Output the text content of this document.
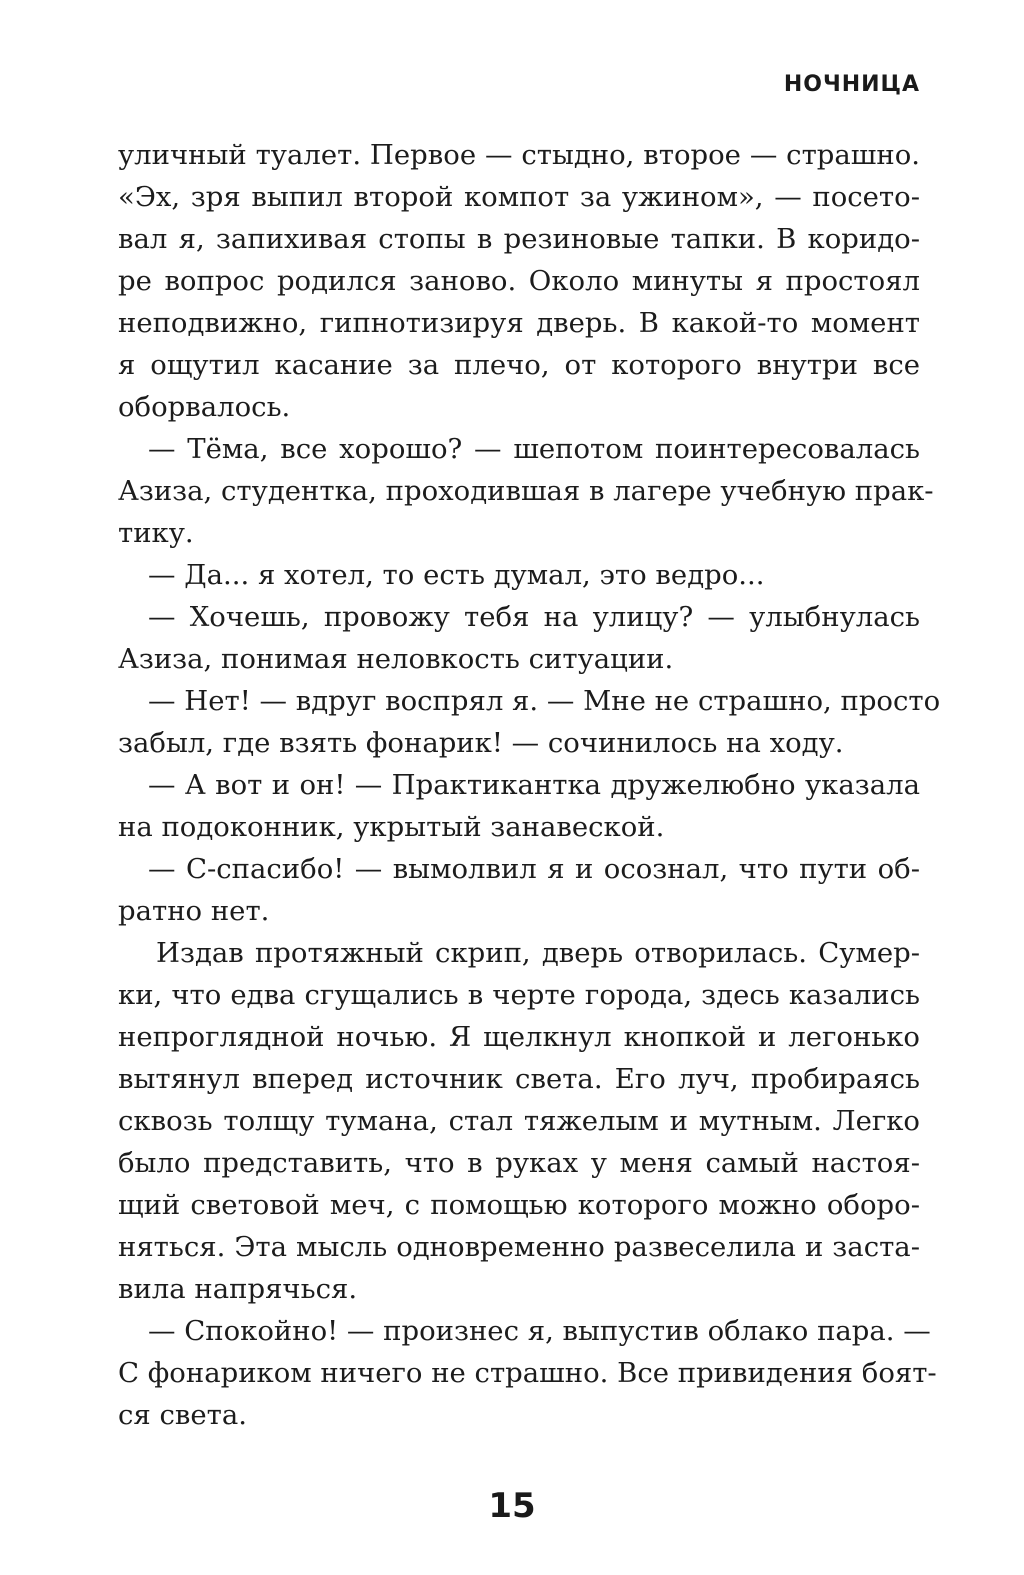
НОЧНИЦА
уличный туалет. Первое — стыдно, второе — страшно.
«Эх, зря выпил второй компот за ужином», — посето-
вал я, запихивая стопы в резиновые тапки. В коридо-
ре вопрос родился заново. Около минуты я простоял
неподвижно, гипнотизируя дверь. В какой-то момент
я ощутил касание за плечо, от которого внутри все
оборвалось.
— Тёма, все хорошо? — шепотом поинтересовалась
Азиза, студентка, проходившая в лагере учебную прак-
тику.
— Да... я хотел, то есть думал, это ведро...
— Хочешь, провожу тебя на улицу? — улыбнулась
Азиза, понимая неловкость ситуации.
— Нет! — вдруг воспрял я. — Мне не страшно, просто
забыл, где взять фонарик! — сочинилось на ходу.
— А вот и он! — Практикантка дружелюбно указала
на подоконник, укрытый занавеской.
— С-спасибо! — вымолвил я и осознал, что пути об-
ратно нет.
Издав протяжный скрип, дверь отворилась. Сумер-
ки, что едва сгущались в черте города, здесь казались
непроглядной ночью. Я щелкнул кнопкой и легонько
вытянул вперед источник света. Его луч, пробираясь
сквозь толщу тумана, стал тяжелым и мутным. Легко
было представить, что в руках у меня самый настоя-
щий световой меч, с помощью которого можно оборо-
няться. Эта мысль одновременно развеселила и заста-
вила напрячься.
— Спокойно! — произнес я, выпустив облако пара. —
С фонариком ничего не страшно. Все привидения боят-
ся света.
15
